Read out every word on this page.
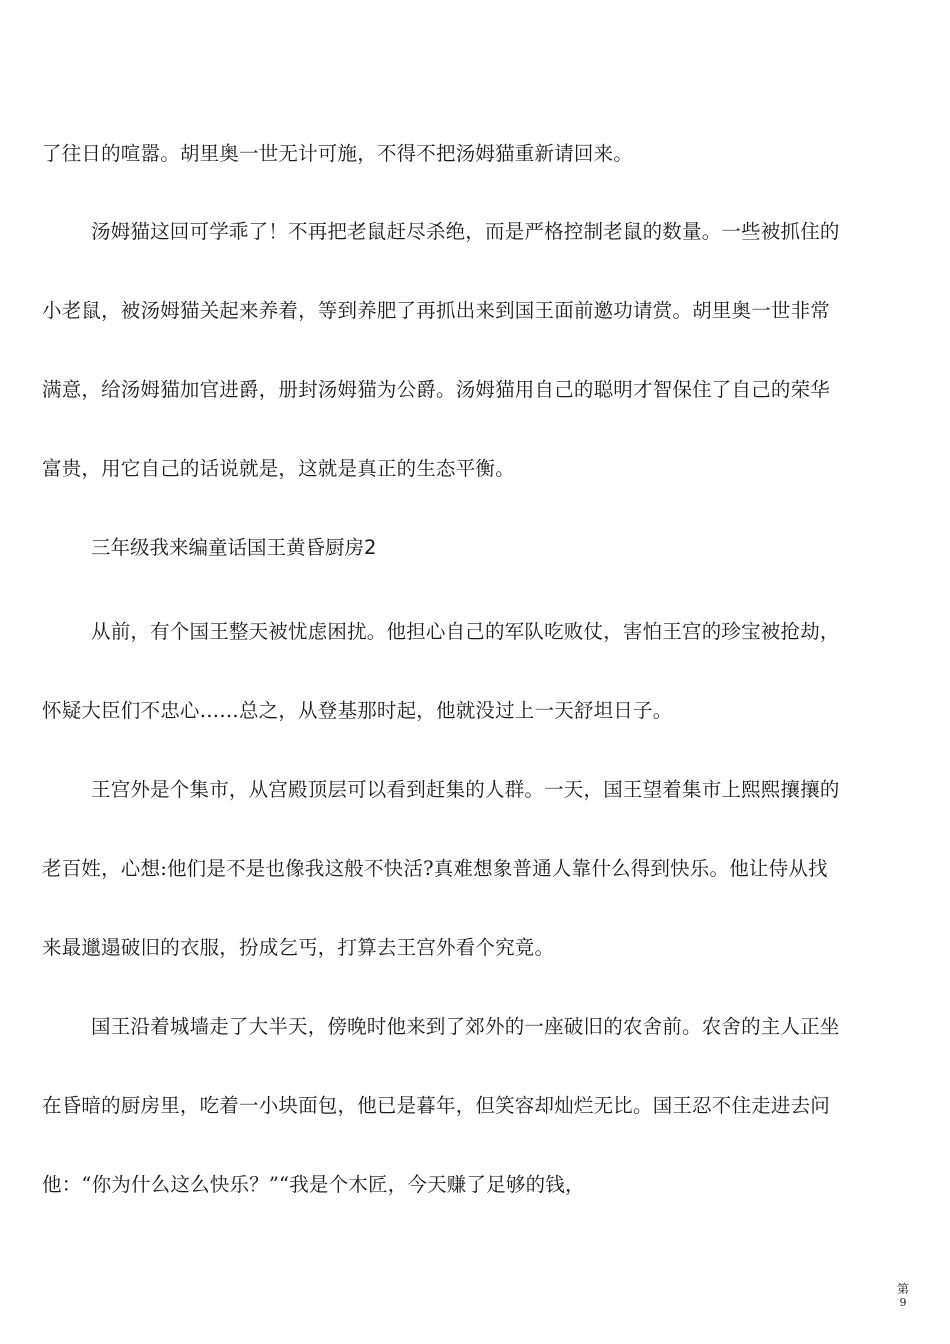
了往日的喧嚣。胡里奥一世无计可施，不得不把汤姆猫重新请回来。
汤姆猫这回可学乖了！不再把老鼠赶尽杀绝，而是严格控制老鼠的数量。一些被抓住的
小老鼠，被汤姆猫关起来养着，等到养肥了再抓出来到国王面前邀功请赏。胡里奥一世非常
满意，给汤姆猫加官进爵，册封汤姆猫为公爵。汤姆猫用自己的聪明才智保住了自己的荣华
富贵，用它自己的话说就是，这就是真正的生态平衡。
三年级我来编童话国王黄昏厨房2
从前，有个国王整天被忧虑困扰。他担心自己的军队吃败仗，害怕王宫的珍宝被抢劫，
怀疑大臣们不忠心……总之，从登基那时起，他就没过上一天舒坦日子。
王宫外是个集市，从宫殿顶层可以看到赶集的人群。一天，国王望着集市上熙熙攘攘的
老百姓，心想:他们是不是也像我这般不快活?真难想象普通人靠什么得到快乐。他让侍从找
来最邋遢破旧的衣服，扮成乞丐，打算去王宫外看个究竟。
国王沿着城墙走了大半天，傍晚时他来到了郊外的一座破旧的农舍前。农舍的主人正坐
在昏暗的厨房里，吃着一小块面包，他已是暮年，但笑容却灿烂无比。国王忍不住走进去问
他：“你为什么这么快乐？”“我是个木匠，今天赚了足够的钱，
第
9
